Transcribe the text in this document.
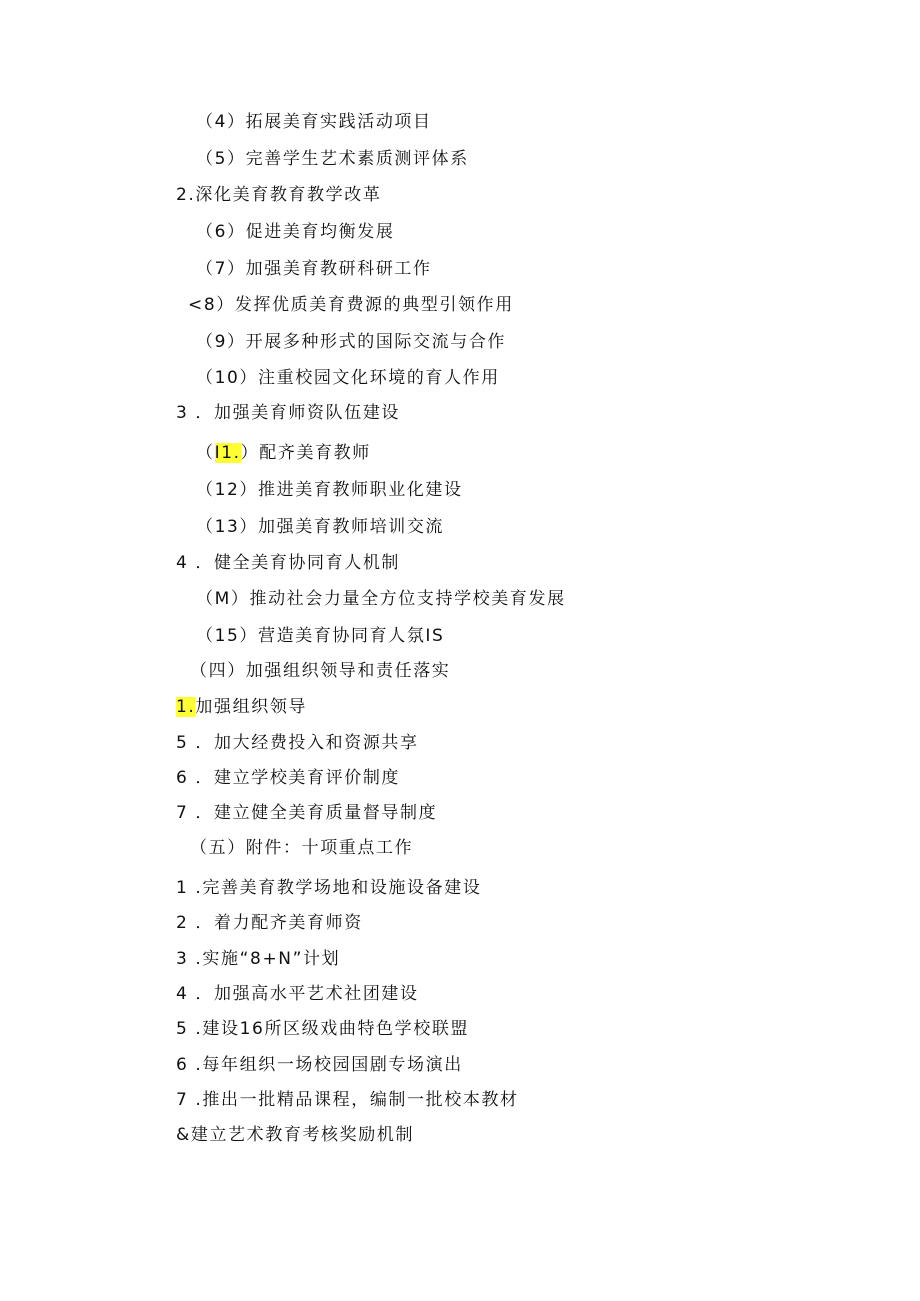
（4）拓展美育实践活动项目
（5）完善学生艺术素质测评体系
2.深化美育教育教学改革
（6）促进美育均衡发展
（7）加强美育教研科研工作
<8）发挥优质美育费源的典型引领作用
（9）开展多种形式的国际交流与合作
（10）注重校园文化环境的育人作用
3 ．加强美育师资队伍建设
（I1.）配齐美育教师
（12）推进美育教师职业化建设
（13）加强美育教师培训交流
4 ．健全美育协同育人机制
（M）推动社会力量全方位支持学校美育发展
（15）营造美育协同育人氛IS
（四）加强组织领导和责任落实
1.加强组织领导
5 ．加大经费投入和资源共享
6 ．建立学校美育评价制度
7 ．建立健全美育质量督导制度
（五）附件：十项重点工作
1 .完善美育教学场地和设施设备建设
2 ．着力配齐美育师资
3 .实施“8+N”计划
4 ．加强高水平艺术社团建设
5 .建设16所区级戏曲特色学校联盟
6 .每年组织一场校园国剧专场演出
7 .推出一批精品课程，编制一批校本教材
&建立艺术教育考核奖励机制
